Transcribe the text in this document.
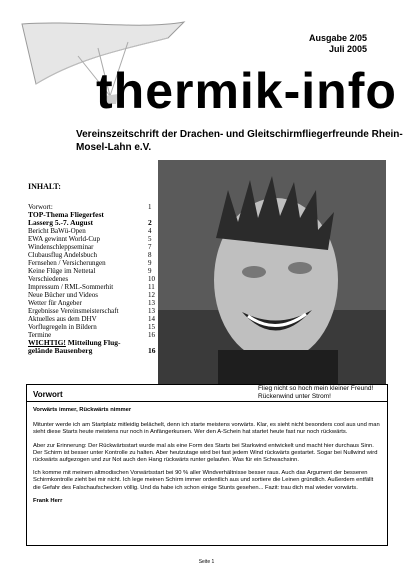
Ausgabe 2/05
Juli 2005
thermik-info
Vereinszeitschrift der Drachen- und Gleitschirmfliegerfreunde Rhein-Mosel-Lahn e.V.
INHALT:
Vorwort:	1
TOP-Thema Fliegerfest
Lasserg 5.-7. August	2
Bericht BaWü-Open	4
EWA gewinnt World-Cup	5
Windenschleppseminar	7
Clubausflug Andelsbuch	8
Fernsehen / Versicherungen	9
Keine Flüge im Nettetal	9
Verschiedenes	10
Impressum / RML-Sommerhit	11
Neue Bücher und Videos	12
Wetter für Angeber	13
Ergebnisse Vereinsmeisterschaft	13
Aktuelles aus dem DHV	14
Vorflugregeln in Bildern	15
Termine	16
WICHTIG! Mitteilung Flug-
gelände Bausenberg	16
Flieg nicht so hoch mein kleiner Freund! Rückenwind unter Strom!
Vorwort

Vorwärts immer, Rückwärts nimmer

Mitunter werde ich am Startplatz mitleidig belächelt, denn ich starte meistens vorwärts. Klar, es sieht nicht besonders cool aus und man sieht diese Starts heute meistens nur noch in Anfängerkursen. Wer den A-Schein hat startet heute fast nur noch rückwärts.

Aber zur Erinnerung: Der Rückwärtsstart wurde mal als eine Form des Starts bei Starkwind entwickelt und macht hier durchaus Sinn. Der Schirm ist besser unter Kontrolle zu halten. Aber heutzutage wird bei fast jedem Wind rückwärts gestartet. Sogar bei Nullwind wird rückwärts aufgezogen und zur Not auch den Hang rückwärts runter gelaufen. Was für ein Schwachsinn.

Ich komme mit meinem altmodischen Vorwärtsstart bei 90 % aller Windverhältnisse besser raus. Auch das Argument der besseren Schirmkontrolle zieht bei mir nicht. Ich lege meinen Schirm immer ordentlich aus und sortiere die Leinen gründlich. Außerdem entfällt die Gefahr des Falschaufschecken völlig. Und da habe ich schon einige Stunts gesehen... Fazit: trau dich mal wieder vorwärts.

Frank Herr

Seite 1
